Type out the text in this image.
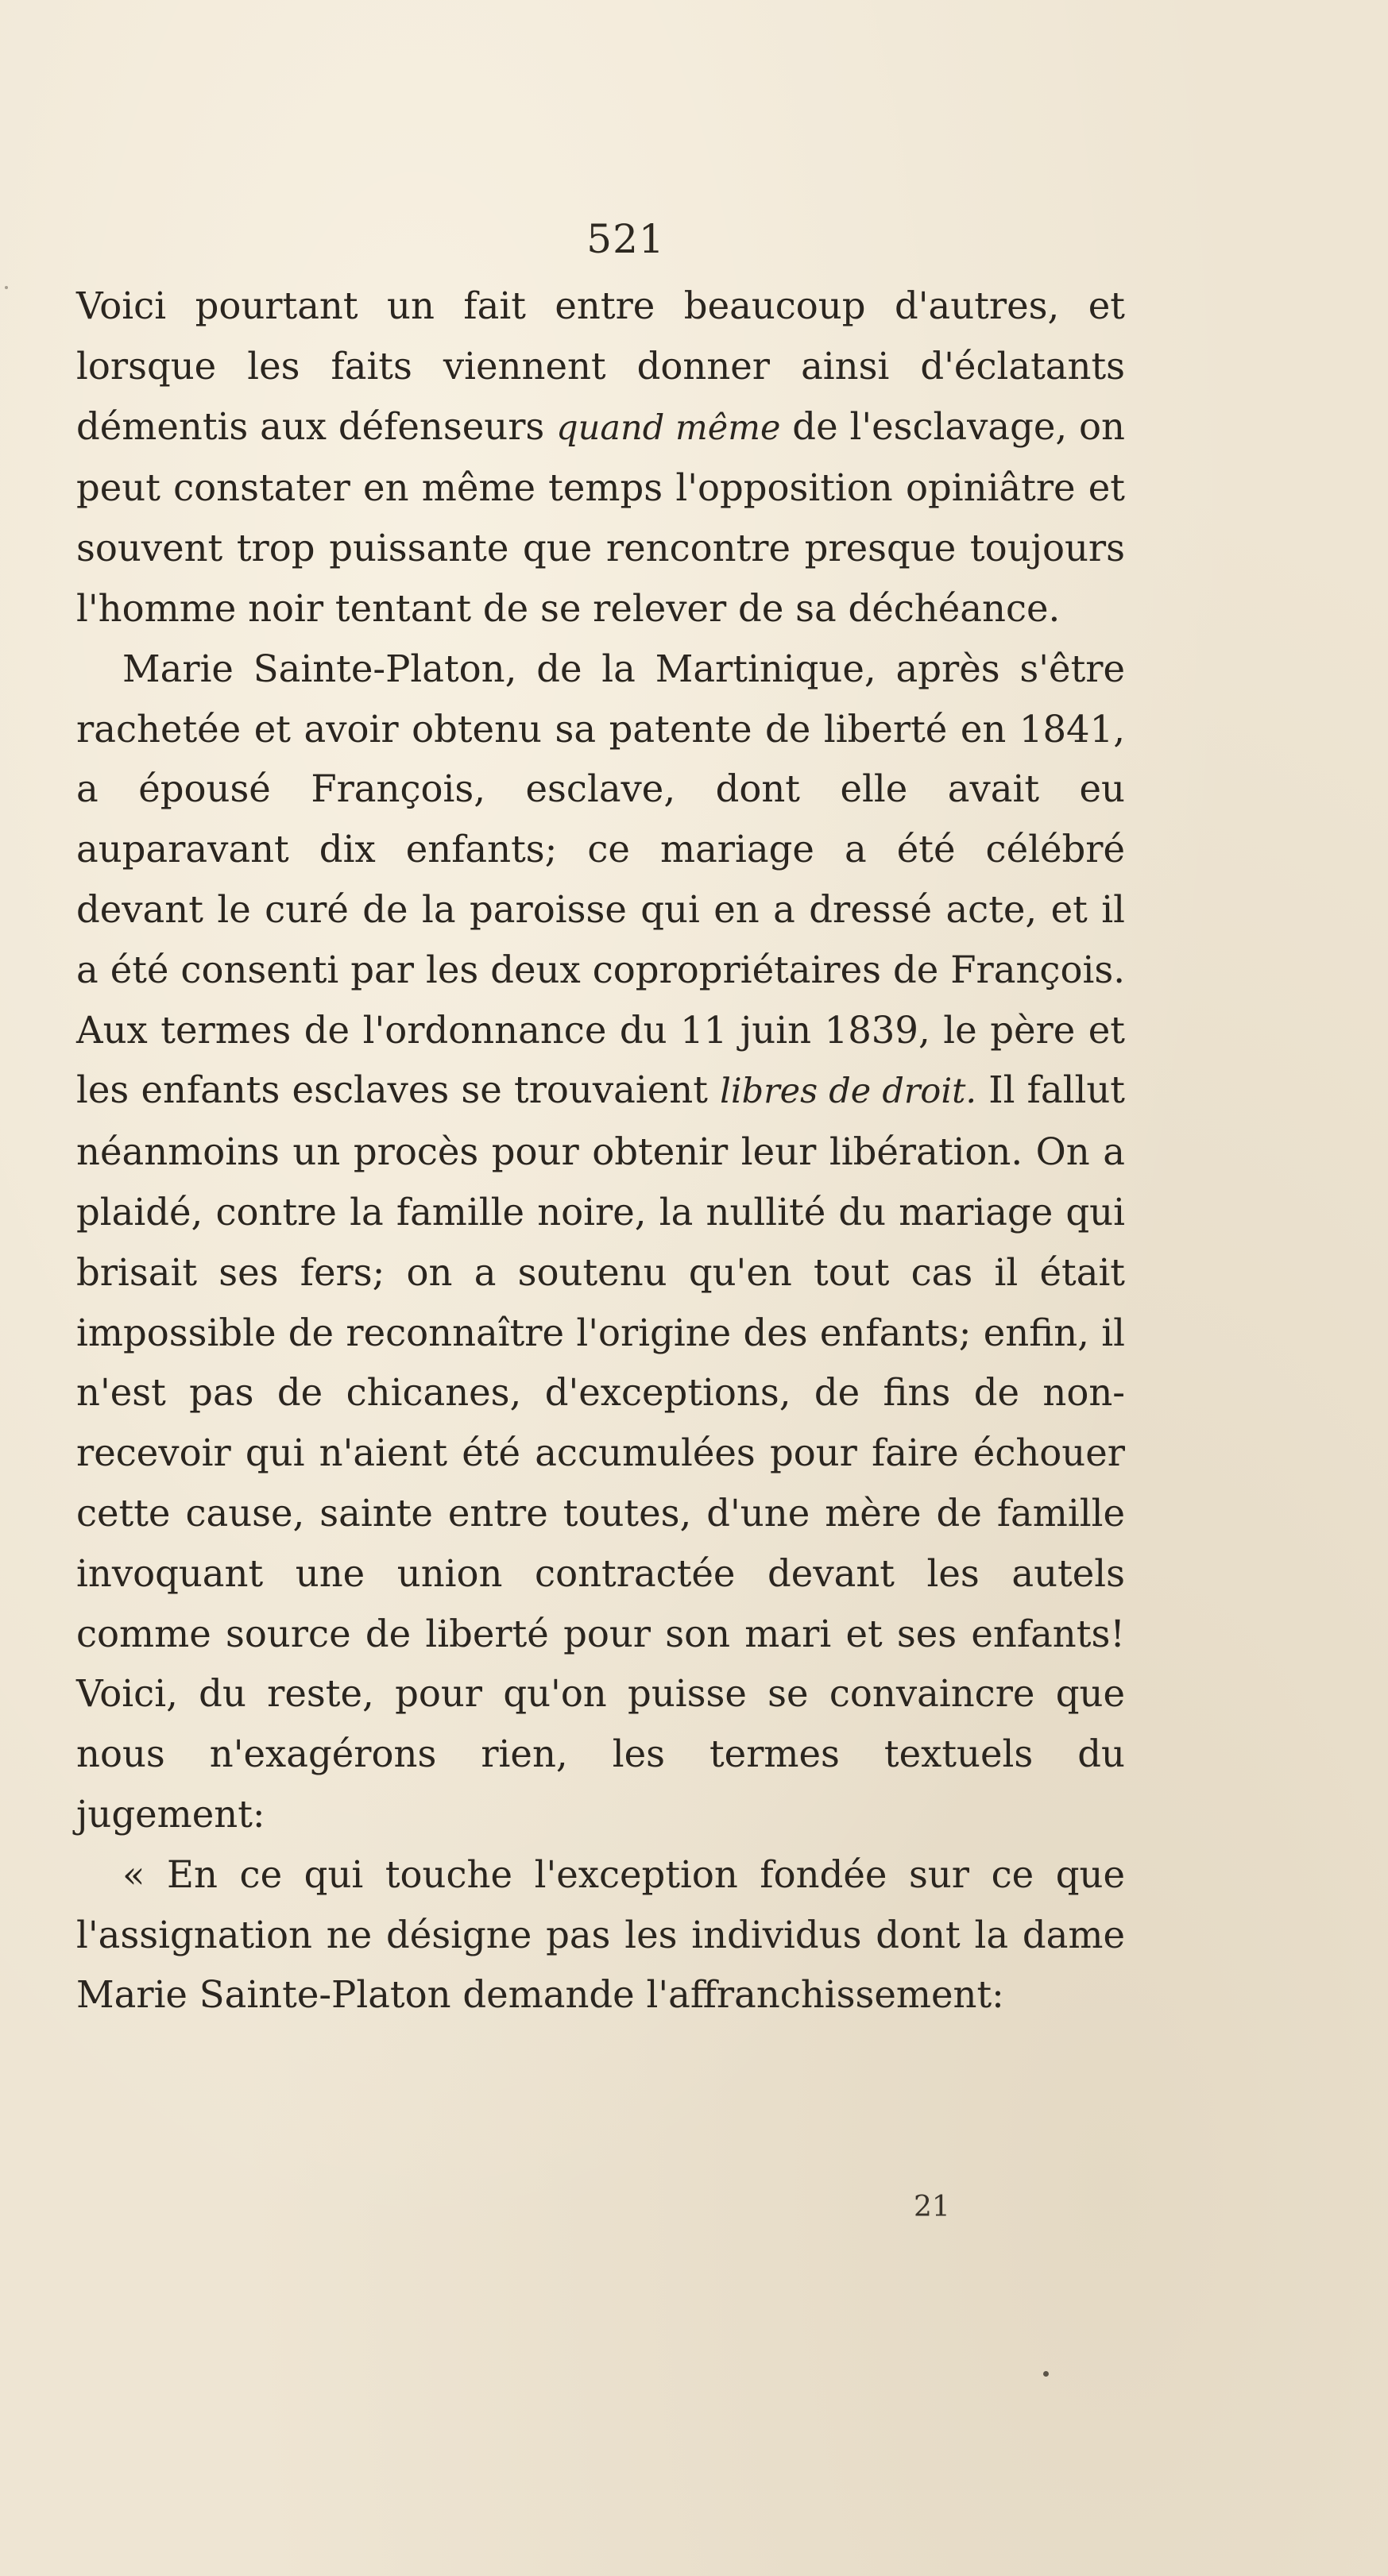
521

Voici pourtant un fait entre beaucoup d'autres, et lorsque les faits viennent donner ainsi d'éclatants démentis aux défenseurs quand même de l'esclavage, on peut constater en même temps l'opposition opiniâtre et souvent trop puissante que rencontre presque toujours l'homme noir tentant de se relever de sa déchéance.

Marie Sainte-Platon, de la Martinique, après s'être rachetée et avoir obtenu sa patente de liberté en 1841, a épousé François, esclave, dont elle avait eu auparavant dix enfants; ce mariage a été célébré devant le curé de la paroisse qui en a dressé acte, et il a été consenti par les deux copropriétaires de François. Aux termes de l'ordonnance du 11 juin 1839, le père et les enfants esclaves se trouvaient libres de droit. Il fallut néanmoins un procès pour obtenir leur libération. On a plaidé, contre la famille noire, la nullité du mariage qui brisait ses fers; on a soutenu qu'en tout cas il était impossible de reconnaître l'origine des enfants; enfin, il n'est pas de chicanes, d'exceptions, de fins de non-recevoir qui n'aient été accumulées pour faire échouer cette cause, sainte entre toutes, d'une mère de famille invoquant une union contractée devant les autels comme source de liberté pour son mari et ses enfants! Voici, du reste, pour qu'on puisse se convaincre que nous n'exagérons rien, les termes textuels du jugement:

« En ce qui touche l'exception fondée sur ce que l'assignation ne désigne pas les individus dont la dame Marie Sainte-Platon demande l'affranchissement:

21
